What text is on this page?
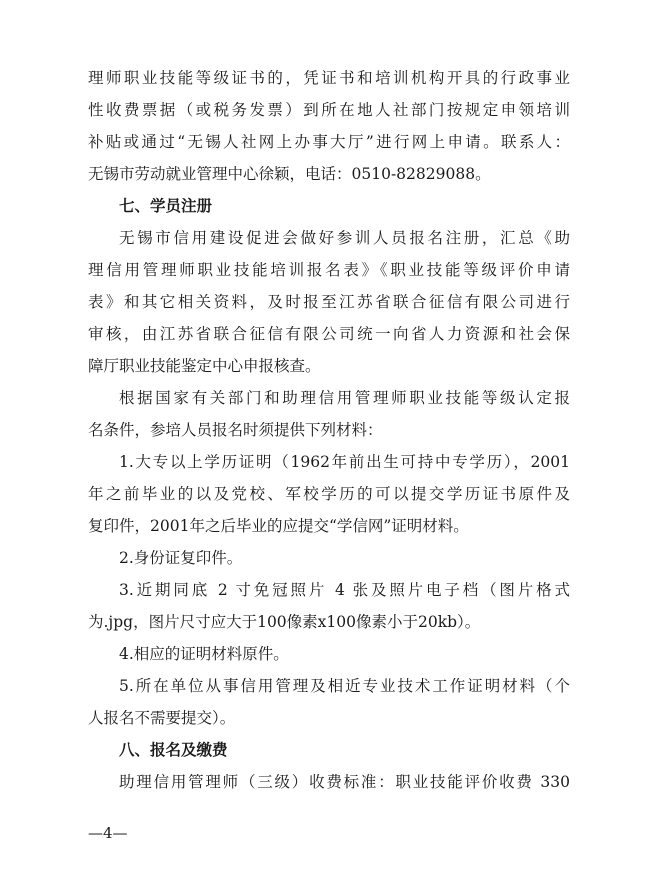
理师职业技能等级证书的，凭证书和培训机构开具的行政事业
性收费票据（或税务发票）到所在地人社部门按规定申领培训
补贴或通过“无锡人社网上办事大厅”进行网上申请。联系人：
无锡市劳动就业管理中心徐颖，电话：0510-82829088。
七、学员注册
无锡市信用建设促进会做好参训人员报名注册，汇总《助
理信用管理师职业技能培训报名表》《职业技能等级评价申请
表》和其它相关资料，及时报至江苏省联合征信有限公司进行
审核，由江苏省联合征信有限公司统一向省人力资源和社会保
障厅职业技能鉴定中心申报核查。
根据国家有关部门和助理信用管理师职业技能等级认定报
名条件，参培人员报名时须提供下列材料：
1.大专以上学历证明（1962年前出生可持中专学历），2001
年之前毕业的以及党校、军校学历的可以提交学历证书原件及
复印件，2001年之后毕业的应提交“学信网”证明材料。
2.身份证复印件。
3.近期同底 2 寸免冠照片 4 张及照片电子档（图片格式
为.jpg，图片尺寸应大于100像素x100像素小于20kb）。
4.相应的证明材料原件。
5.所在单位从事信用管理及相近专业技术工作证明材料（个
人报名不需要提交）。
八、报名及缴费
助理信用管理师（三级）收费标准：职业技能评价收费 330
—4—
